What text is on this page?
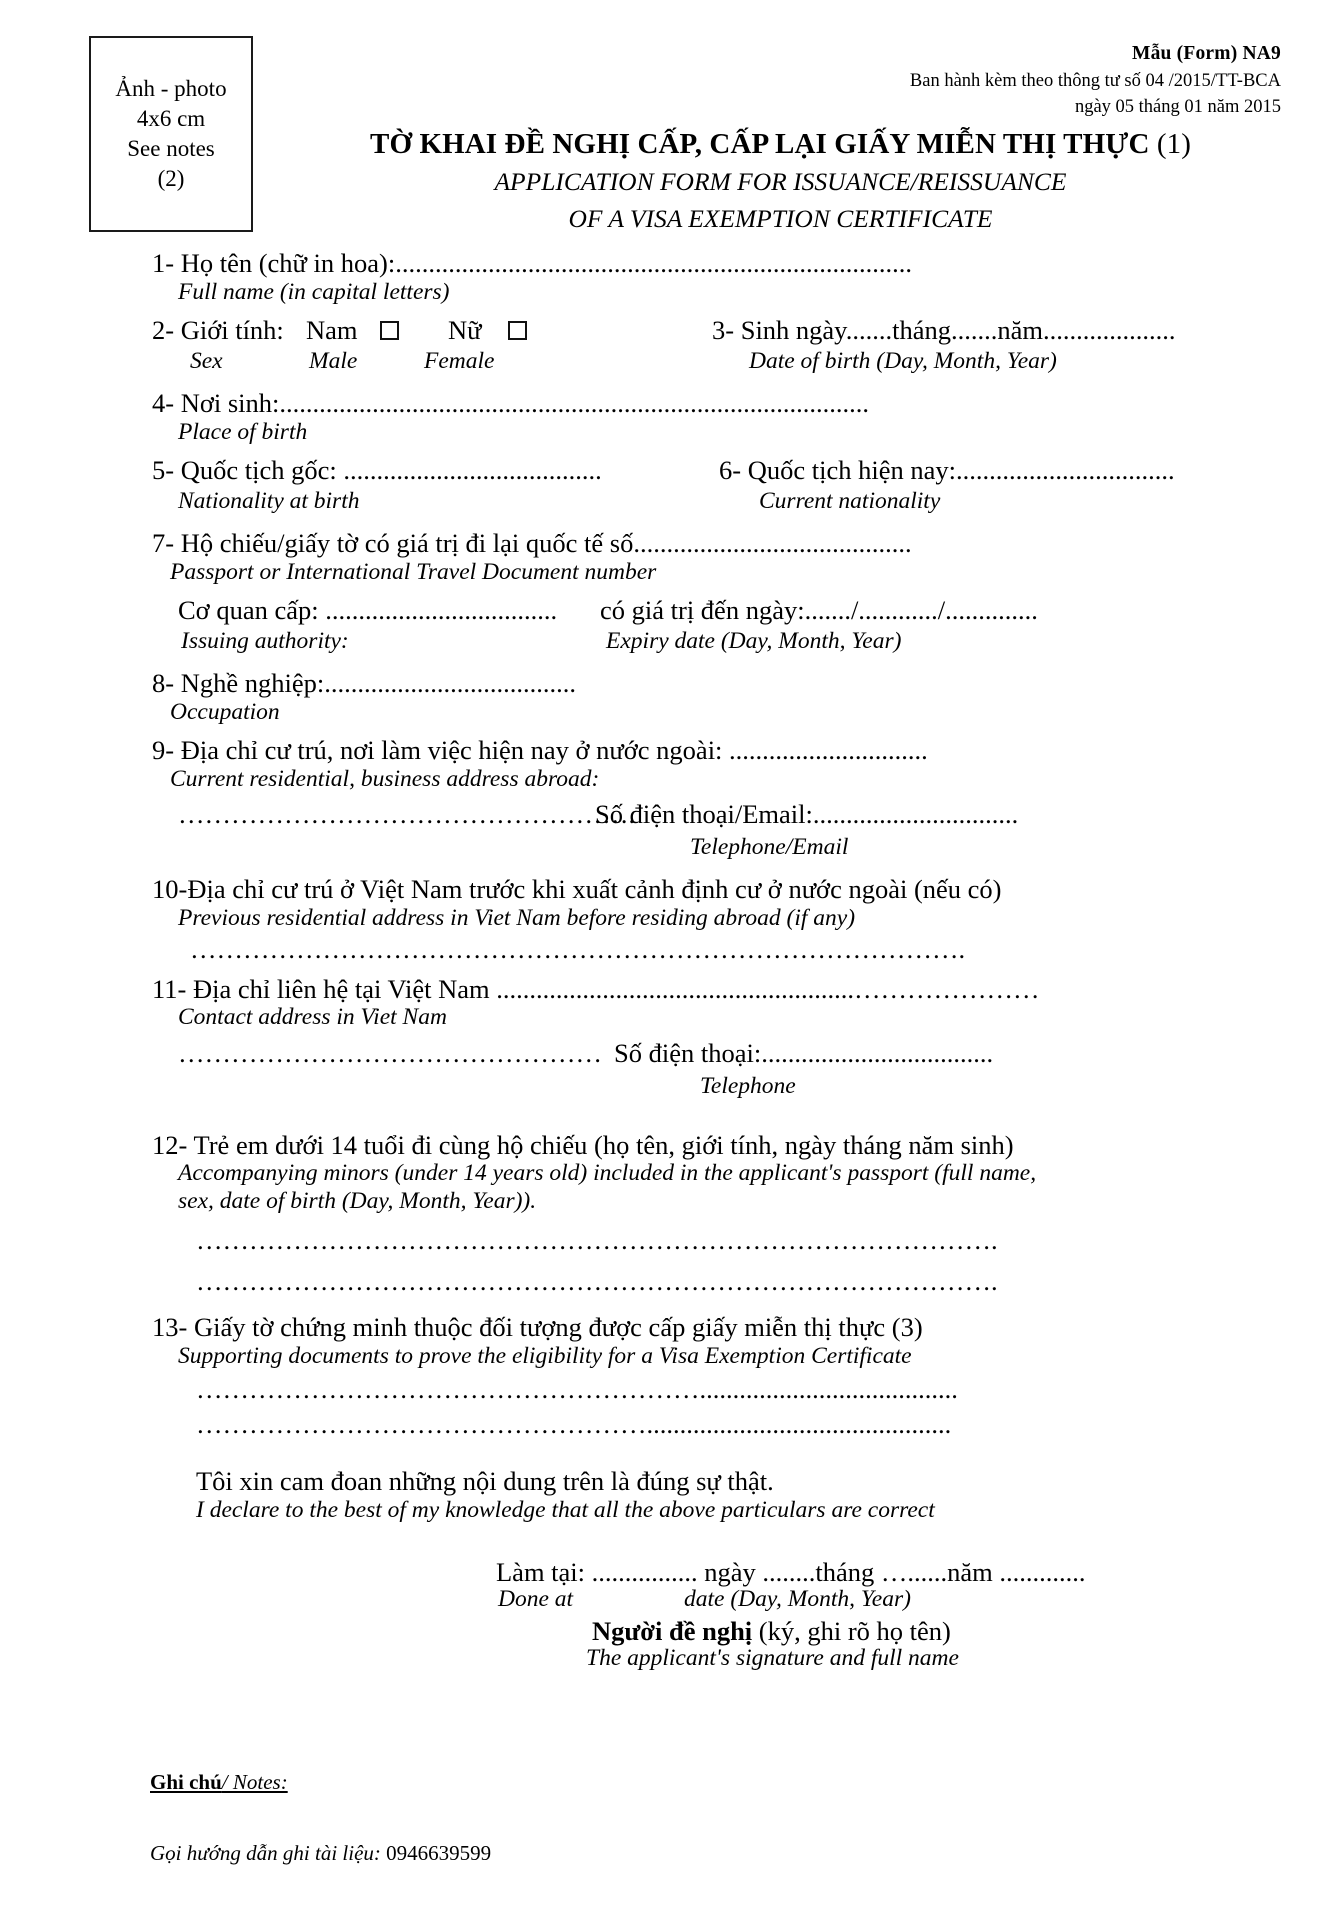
Ảnh - photo
4x6 cm
See notes
(2)
Mẫu (Form) NA9
Ban hành kèm theo thông tư số 04 /2015/TT-BCA
ngày 05 tháng 01 năm 2015
TỜ KHAI ĐỀ NGHỊ CẤP, CẤP LẠI GIẤY MIỄN THỊ THỰC (1)
APPLICATION FORM FOR ISSUANCE/REISSUANCE
OF A VISA EXEMPTION CERTIFICATE
1- Họ tên (chữ in hoa):..............................................................................
Full name (in capital letters)
2- Giới tính: Nam	Nữ	3- Sinh ngày.......tháng.......năm....................
Sex	Male	Female	Date of birth (Day, Month, Year)
4- Nơi sinh:.........................................................................................
Place of birth
5- Quốc tịch gốc: .......................................	6- Quốc tịch hiện nay:.................................
Nationality at birth	Current nationality
7- Hộ chiếu/giấy tờ có giá trị đi lại quốc tế số..........................................
Passport or International Travel Document number
Cơ quan cấp: ................................... có giá trị đến ngày:......./............/..............
Issuing authority:	Expiry date (Day, Month, Year)
8- Nghề nghiệp:......................................
Occupation
9- Địa chỉ cư trú, nơi làm việc hiện nay ở nước ngoài: ..............................
Current residential, business address abroad:
…………………………………………….
Số điện thoại/Email:...............................
Telephone/Email
10-Địa chỉ cư trú ở Việt Nam trước khi xuất cảnh định cư ở nước ngoài (nếu có)
Previous residential address in Viet Nam before residing abroad (if any)
…………………………………………………………………………….
11- Địa chỉ liên hệ tại Việt Nam ......................................................…………………
Contact address in Viet Nam
………………………………………… Số điện thoại:...................................
Telephone
12- Trẻ em dưới 14 tuổi đi cùng hộ chiếu (họ tên, giới tính, ngày tháng năm sinh)
Accompanying minors (under 14 years old) included in the applicant's passport (full name,
sex, date of birth (Day, Month, Year)).
……………………………………………………………………………….
……………………………………………………………………………….
13- Giấy tờ chứng minh thuộc đối tượng được cấp giấy miễn thị thực (3)
Supporting documents to prove the eligibility for a Visa Exemption Certificate
………………………………………………….......................................
……………………………………………..............................................
Tôi xin cam đoan những nội dung trên là đúng sự thật.
I declare to the best of my knowledge that all the above particulars are correct
Làm tại: ................ ngày ........tháng …......năm .............
Done at	date (Day, Month, Year)
Người đề nghị (ký, ghi rõ họ tên)
The applicant's signature and full name
Ghi chú/ Notes:
Gọi hướng dẫn ghi tài liệu: 0946639599
